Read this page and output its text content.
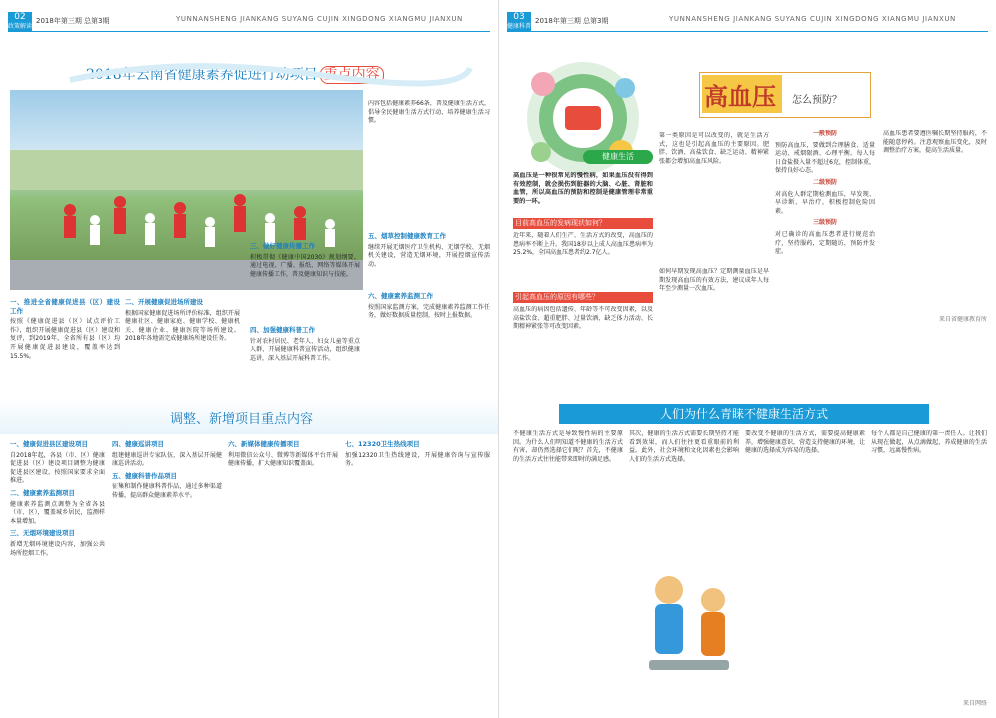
02
政策解读
2018年第三期 总第3期	YUNNANSHENG JIANKANG SUYANG CUJIN XINGDONG XIANGMU JIANXUN
2018年云南省健康素养促进行动项目 重点内容
一、推进全省健康促进县（区）建设工作
按照《健康促进县（区）试点评价工作》，组织开展健康促进县（区）建设和复评，到2019年，全省所有县（区）均开展健康促进县建设，覆盖率达到15.5%。
二、开展健康促进场所建设
根据国家健康促进场所评价标准，组织开展健康社区、健康家庭、健康学校、健康机关、健康企业、健康医院等场所建设。2018年各地需完成健康场所建设任务。
三、做好健康传播工作
积极贯彻《健康中国2030》规划纲要，通过电视、广播、报纸、网络等媒体开展健康传播工作，普及健康知识与技能。
四、加强健康科普工作
针对农村居民、老年人、妇女儿童等重点人群，开展健康科普宣传活动，组织健康巡讲，深入基层开展科普工作。
内容包括健康素养66条，普及健康生活方式，倡导全民健康生活方式行动，培养健康生活习惯。
五、烟草控制健康教育工作
继续开展无烟医疗卫生机构、无烟学校、无烟机关建设，营造无烟环境，开展控烟宣传活动。
六、健康素养监测工作
按照国家监测方案，完成健康素养监测工作任务，做好数据质量控制，按时上报数据。
调整、新增项目重点内容
一、健康促进县区建设项目
自2018年起，各县（市、区）健康促进县（区）建设项目调整为健康促进县区建设，按照国家要求全面推进。
二、健康素养监测项目
健康素养监测点调整为全省各县（市、区），覆盖城乡居民，监测样本量增加。
三、无烟环境建设项目
新增无烟环境建设内容，加强公共场所控烟工作。
四、健康巡讲项目
组建健康巡讲专家队伍，深入基层开展健康巡讲活动。
五、健康科普作品项目
征集和制作健康科普作品，通过多种渠道传播，提高群众健康素养水平。
六、新媒体健康传播项目
利用微信公众号、微博等新媒体平台开展健康传播，扩大健康知识覆盖面。
七、12320卫生热线项目
加强12320卫生热线建设，开展健康咨询与宣传服务。
03
健康科普
2018年第三期 总第3期	YUNNANSHENG JIANKANG SUYANG CUJIN XINGDONG XIANGMU JIANXUN
高血压 怎么预防？
健康生活
高血压是一种很常见的慢性病，如果血压没有得到有效控制，就会损伤到脏器的大脑、心脏、肾脏和血管，所以高血压的预防和控制是健康管理非常重要的一环。
目前高血压的发病现状如何？
近年来，随着人们生产、生活方式的改变，高血压的患病率不断上升。我国18岁以上成人高血压患病率为25.2%，全国高血压患者约2.7亿人。
引起高血压的原因有哪些？
高血压的病因包括遗传、年龄等不可改变因素，以及高盐饮食、超重肥胖、过量饮酒、缺乏体力活动、长期精神紧张等可改变因素。
第一类原因是可以改变的，就是生活方式，这也是引起高血压的主要原因。肥胖、饮酒、高盐饮食、缺乏运动、精神紧张都会增加高血压风险。
如何早期发现高血压？定期测量血压是早期发现高血压的有效方法，建议成年人每年至少测量一次血压。
一般预防
预防高血压，要做到合理膳食、适量运动、戒烟限酒、心理平衡。每人每日食盐摄入量不超过6克，控制体重，保持良好心态。
二级预防
对高危人群定期检测血压，早发现、早诊断、早治疗，积极控制危险因素。
三级预防
对已确诊的高血压患者进行规范治疗，坚持服药，定期随访，预防并发症。
高血压患者要遵医嘱长期坚持服药，不能随意停药。注意观察血压变化，及时调整治疗方案，提高生活质量。
来自省健康教育所
人们为什么青睐不健康生活方式
不健康生活方式是导致慢性病的主要原因。为什么人们明知道不健康的生活方式有害，却仍然选择它们呢？首先，不健康的生活方式往往能带来即时的满足感。
其次，健康的生活方式需要长期坚持才能看到效果，而人们往往更看重眼前的利益。此外，社会环境和文化因素也会影响人们的生活方式选择。
要改变不健康的生活方式，需要提高健康素养，增强健康意识，营造支持健康的环境，让健康的选择成为容易的选择。
每个人都是自己健康的第一责任人。让我们从现在做起，从点滴做起，养成健康的生活习惯，远离慢性病。
来自网络
